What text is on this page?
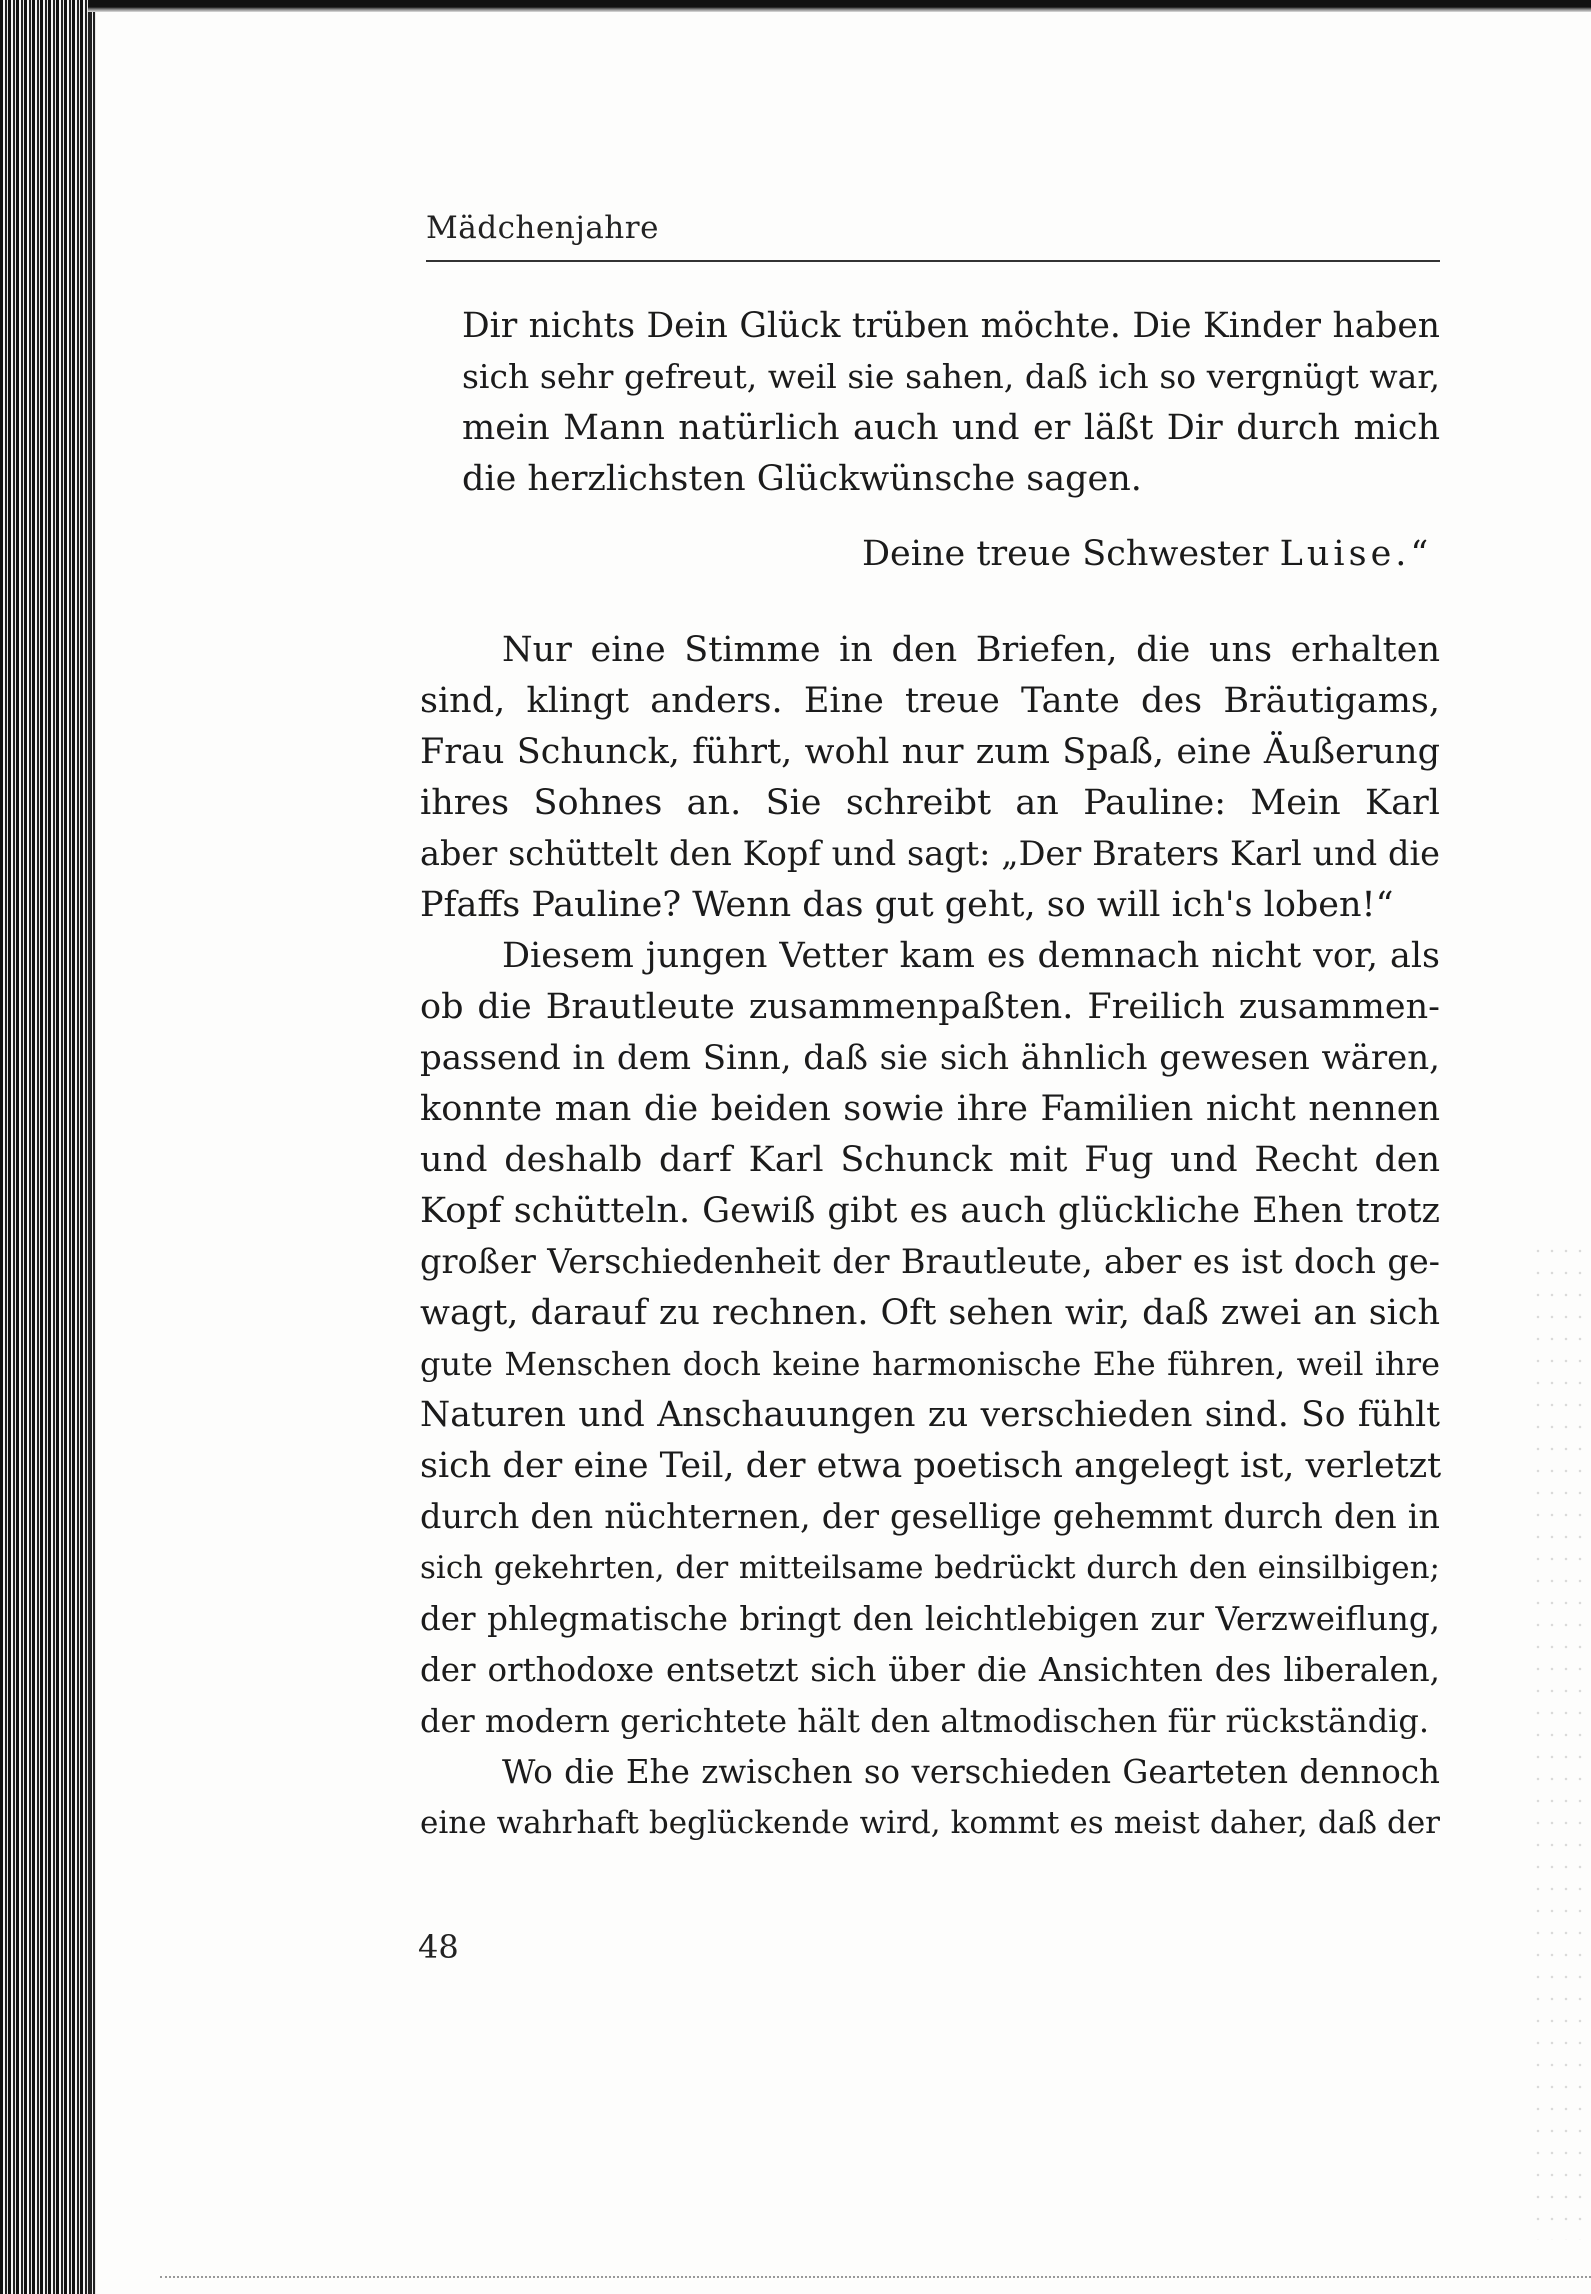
Mädchenjahre
Dir nichts Dein Glück trüben möchte. Die Kinder haben
sich sehr gefreut, weil sie sahen, daß ich so vergnügt war,
mein Mann natürlich auch und er läßt Dir durch mich
die herzlichsten Glückwünsche sagen.
Deine treue Schwester Luise.“
Nur eine Stimme in den Briefen, die uns erhalten
sind, klingt anders. Eine treue Tante des Bräutigams,
Frau Schunck, führt, wohl nur zum Spaß, eine Äußerung
ihres Sohnes an. Sie schreibt an Pauline: Mein Karl
aber schüttelt den Kopf und sagt: „Der Braters Karl und die
Pfaffs Pauline? Wenn das gut geht, so will ich's loben!“
Diesem jungen Vetter kam es demnach nicht vor, als
ob die Brautleute zusammenpaßten. Freilich zusammen-
passend in dem Sinn, daß sie sich ähnlich gewesen wären,
konnte man die beiden sowie ihre Familien nicht nennen
und deshalb darf Karl Schunck mit Fug und Recht den
Kopf schütteln. Gewiß gibt es auch glückliche Ehen trotz
großer Verschiedenheit der Brautleute, aber es ist doch ge-
wagt, darauf zu rechnen. Oft sehen wir, daß zwei an sich
gute Menschen doch keine harmonische Ehe führen, weil ihre
Naturen und Anschauungen zu verschieden sind. So fühlt
sich der eine Teil, der etwa poetisch angelegt ist, verletzt
durch den nüchternen, der gesellige gehemmt durch den in
sich gekehrten, der mitteilsame bedrückt durch den einsilbigen;
der phlegmatische bringt den leichtlebigen zur Verzweiflung,
der orthodoxe entsetzt sich über die Ansichten des liberalen,
der modern gerichtete hält den altmodischen für rückständig.
Wo die Ehe zwischen so verschieden Gearteten dennoch
eine wahrhaft beglückende wird, kommt es meist daher, daß der
48
